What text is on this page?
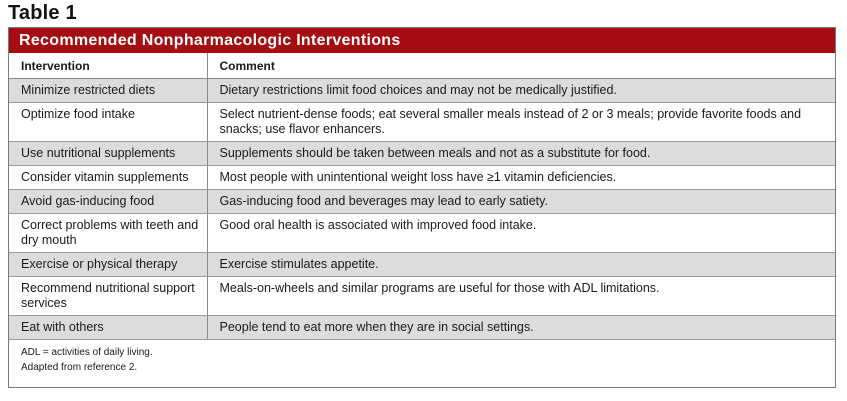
Table 1
Recommended Nonpharmacologic Interventions
Intervention	Comment
Minimize restricted diets	Dietary restrictions limit food choices and may not be medically justified.
Optimize food intake	Select nutrient-dense foods; eat several smaller meals instead of 2 or 3 meals; provide favorite foods and snacks; use flavor enhancers.
Use nutritional supplements	Supplements should be taken between meals and not as a substitute for food.
Consider vitamin supplements	Most people with unintentional weight loss have ≥1 vitamin deficiencies.
Avoid gas-inducing food	Gas-inducing food and beverages may lead to early satiety.
Correct problems with teeth and dry mouth	Good oral health is associated with improved food intake.
Exercise or physical therapy	Exercise stimulates appetite.
Recommend nutritional support services	Meals-on-wheels and similar programs are useful for those with ADL limitations.
Eat with others	People tend to eat more when they are in social settings.
ADL = activities of daily living.
Adapted from reference 2.
